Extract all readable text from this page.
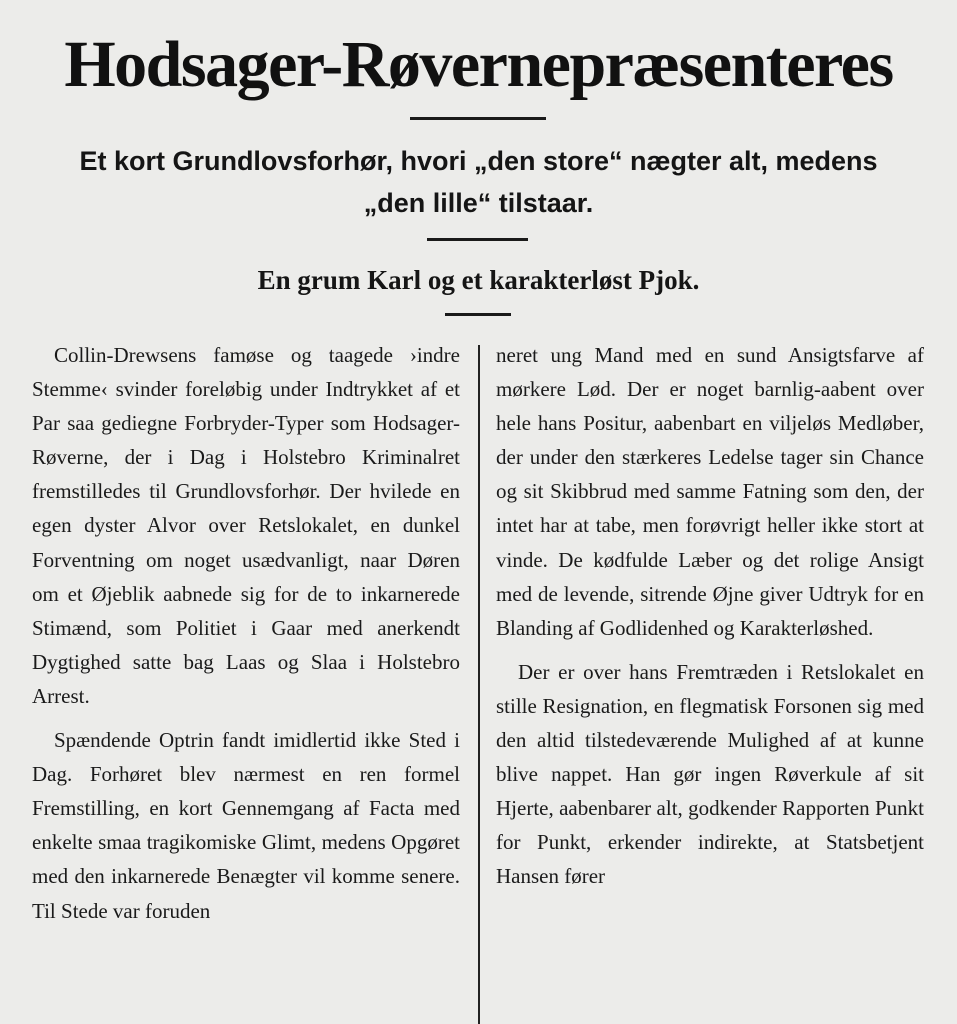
Hodsager-Røvernepræsenteres
Et kort Grundlovsforhør, hvori „den store“ nægter alt, medens „den lille“ tilstaar.
En grum Karl og et karakterløst Pjok.

Collin-Drewsens famøse og taagede ›indre Stemme‹ svinder foreløbig under Indtrykket af et Par saa gediegne Forbryder-Typer som Hodsager-Røverne, der i Dag i Holstebro Kriminalret fremstilledes til Grundlovsforhør. Der hvilede en egen dyster Alvor over Retslokalet, en dunkel Forventning om noget usædvanligt, naar Døren om et Øjeblik aabnede sig for de to inkarnerede Stimænd, som Politiet i Gaar med anerkendt Dygtighed satte bag Laas og Slaa i Holstebro Arrest.

Spændende Optrin fandt imidlertid ikke Sted i Dag. Forhøret blev nærmest en ren formel Fremstilling, en kort Gennemgang af Facta med enkelte smaa tragikomiske Glimt, medens Opgøret med den inkarnerede Benægter vil komme senere. Til Stede var foruden

neret ung Mand med en sund Ansigtsfarve af mørkere Lød. Der er noget barnlig-aabent over hele hans Positur, aabenbart en viljeløs Medløber, der under den stærkeres Ledelse tager sin Chance og sit Skibbrud med samme Fatning som den, der intet har at tabe, men forøvrigt heller ikke stort at vinde. De kødfulde Læber og det rolige Ansigt med de levende, sitrende Øjne giver Udtryk for en Blanding af Godlidenhed og Karakterløshed.

Der er over hans Fremtræden i Retslokalet en stille Resignation, en flegmatisk Forsonen sig med den altid tilstedeværende Mulighed af at kunne blive nappet. Han gør ingen Røverkule af sit Hjerte, aabenbarer alt, godkender Rapporten Punkt for Punkt, erkender indirekte, at Statsbetjent Hansen fører
